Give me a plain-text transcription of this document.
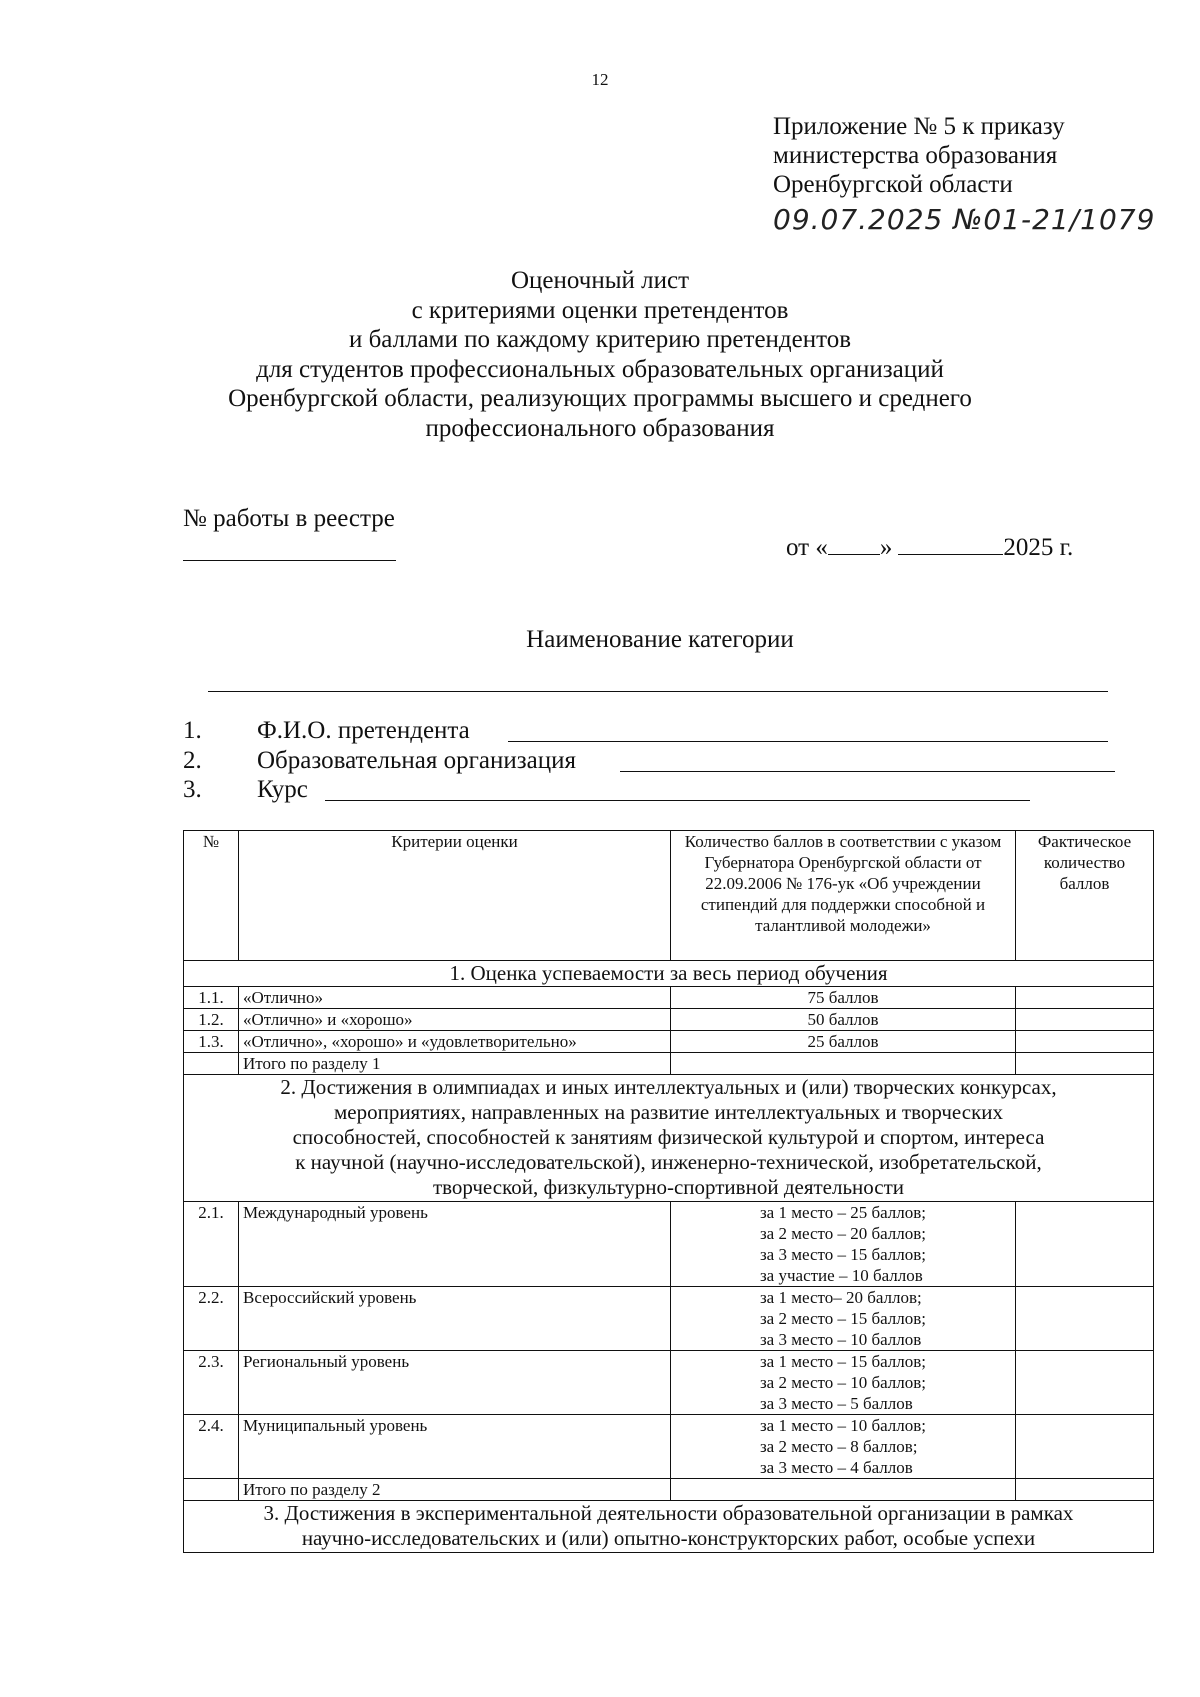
12
Приложение № 5 к приказу
министерства образования
Оренбургской области
09.07.2025 №01-21/1079
Оценочный лист
с критериями оценки претендентов
и баллами по каждому критерию претендентов
для студентов профессиональных образовательных организаций
Оренбургской области, реализующих программы высшего и среднего
профессионального образования
№ работы в реестре
от « »	2025 г.
Наименование категории
1. Ф.И.О. претендента
2. Образовательная организация
3. Курс
№	Критерии оценки	Количество баллов в соответствии с указом Губернатора Оренбургской области от 22.09.2006 № 176-ук «Об учреждении стипендий для поддержки способной и талантливой молодежи»	Фактическое количество баллов
1. Оценка успеваемости за весь период обучения			
1.1.	«Отлично»	75 баллов	
1.2.	«Отлично» и «хорошо»	50 баллов	
1.3.	«Отлично», «хорошо» и «удовлетворительно»	25 баллов	
	Итого по разделу 1		

2. Достижения в олимпиадах и иных интеллектуальных и (или) творческих конкурсах,
мероприятиях, направленных на развитие интеллектуальных и творческих
способностей, способностей к занятиям физической культурой и спортом, интереса
к научной (научно-исследовательской), инженерно-технической, изобретательской,
творческой, физкультурно-спортивной деятельности			

2.1.	Международный уровень	за 1 место – 25 баллов;
за 2 место – 20 баллов;
за 3 место – 15 баллов;
за участие – 10 баллов	

2.2.	Всероссийский уровень	за 1 место– 20 баллов;
за 2 место – 15 баллов;
за 3 место – 10 баллов	

2.3.	Региональный уровень	за 1 место – 15 баллов;
за 2 место – 10 баллов;
за 3 место – 5 баллов	

2.4.	Муниципальный уровень	за 1 место – 10 баллов;
за 2 место – 8 баллов;
за 3 место – 4 баллов	

	Итого по разделу 2		

3. Достижения в экспериментальной деятельности образовательной организации в рамках
научно-исследовательских и (или) опытно-конструкторских работ, особые успехи			
